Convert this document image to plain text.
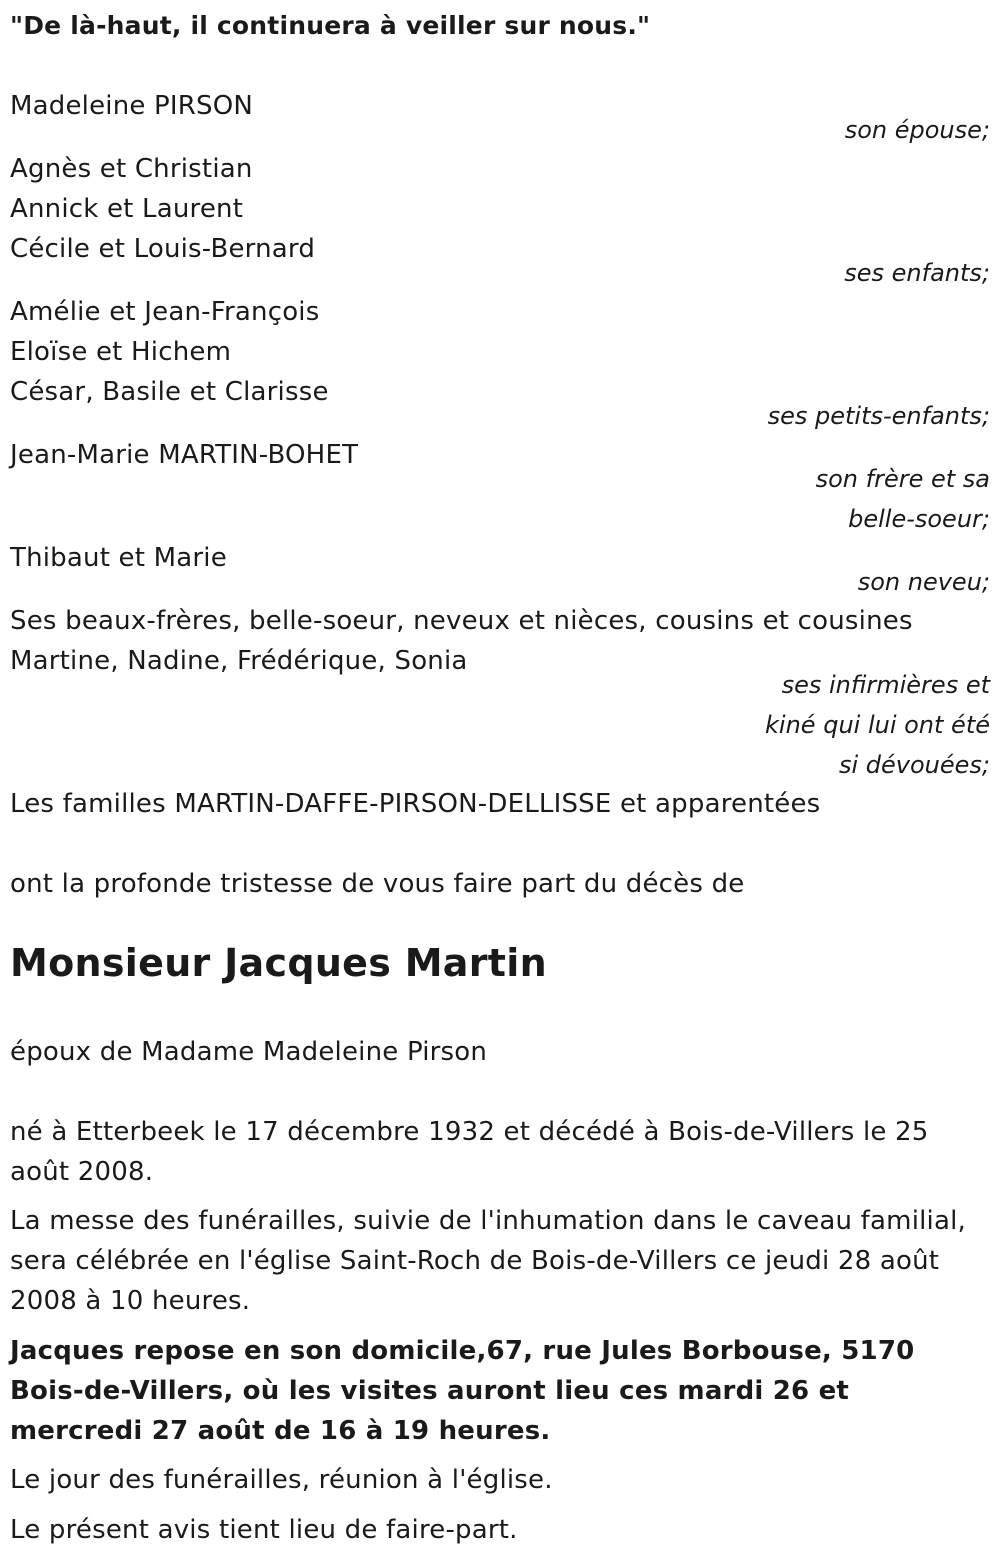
"De là-haut, il continuera à veiller sur nous."
Madeleine PIRSON
son épouse;
Agnès et Christian
Annick et Laurent
Cécile et Louis-Bernard
ses enfants;
Amélie et Jean-François
Eloïse et Hichem
César, Basile et Clarisse
ses petits-enfants;
Jean-Marie MARTIN-BOHET
son frère et sa
belle-soeur;
Thibaut et Marie
son neveu;
Ses beaux-frères, belle-soeur, neveux et nièces, cousins et cousines
Martine, Nadine, Frédérique, Sonia
ses infirmières et
kiné qui lui ont été
si dévouées;
Les familles MARTIN-DAFFE-PIRSON-DELLISSE et apparentées
ont la profonde tristesse de vous faire part du décès de
Monsieur Jacques Martin
époux de Madame Madeleine Pirson
né à Etterbeek le 17 décembre 1932 et décédé à Bois-de-Villers le 25 août 2008.
La messe des funérailles, suivie de l'inhumation dans le caveau familial, sera célébrée en l'église Saint-Roch de Bois-de-Villers ce jeudi 28 août 2008 à 10 heures.
Jacques repose en son domicile,67, rue Jules Borbouse, 5170 Bois-de-Villers, où les visites auront lieu ces mardi 26 et mercredi 27 août de 16 à 19 heures.
Le jour des funérailles, réunion à l'église.
Le présent avis tient lieu de faire-part.
